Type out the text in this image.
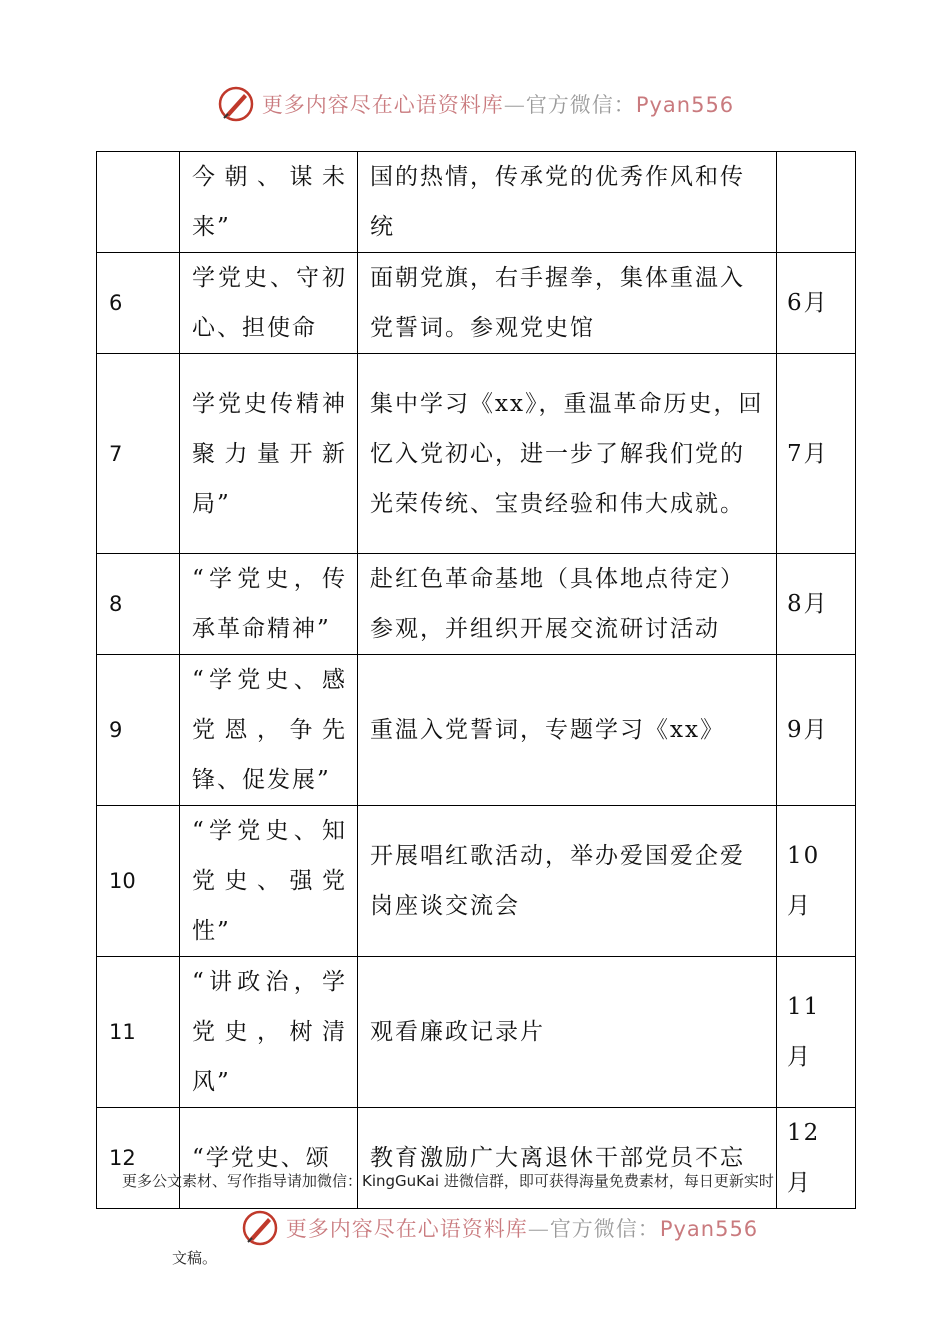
更多内容尽在心语资料库—官方微信：Pyan556
	今朝、谋未来”	国的热情，传承党的优秀作风和传统	
6	学党史、守初心、担使命	面朝党旗，右手握拳，集体重温入党誓词。参观党史馆	6月
7	学党史传精神聚力量开新局”	集中学习《xx》，重温革命历史，回忆入党初心，进一步了解我们党的光荣传统、宝贵经验和伟大成就。	7月
8	“学党史，传承革命精神”	赴红色革命基地（具体地点待定）参观，并组织开展交流研讨活动	8月
9	“学党史、感党恩，争先锋、促发展”	重温入党誓词，专题学习《xx》	9月
10	“学党史、知党史、强党性”	开展唱红歌活动，举办爱国爱企爱岗座谈交流会	10月
11	“讲政治，学党史，树清风”	观看廉政记录片	11月
12	“学党史、颂	教育激励广大离退休干部党员不忘	12月
更多公文素材、写作指导请加微信：KingGuKai 进微信群，即可获得海量免费素材，每日更新实时
更多内容尽在心语资料库—官方微信：Pyan556
文稿。
